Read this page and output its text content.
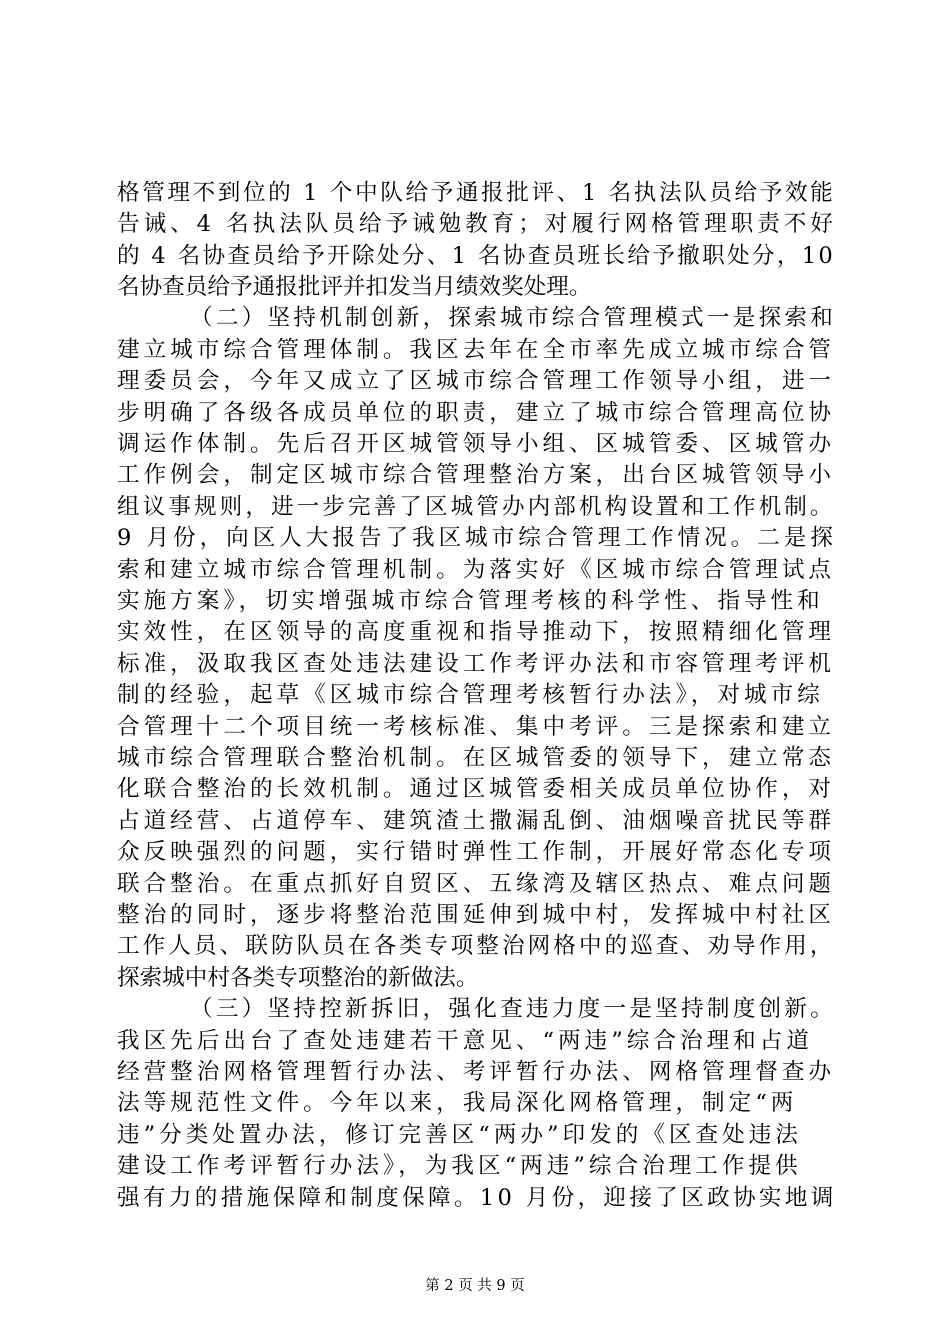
格管理不到位的 1 个中队给予通报批评、1 名执法队员给予效能
告诫、4 名执法队员给予诫勉教育；对履行网格管理职责不好
的 4 名协查员给予开除处分、1 名协查员班长给予撤职处分，10
名协查员给予通报批评并扣发当月绩效奖处理。
（二）坚持机制创新，探索城市综合管理模式一是探索和
建立城市综合管理体制。我区去年在全市率先成立城市综合管
理委员会，今年又成立了区城市综合管理工作领导小组，进一
步明确了各级各成员单位的职责，建立了城市综合管理高位协
调运作体制。先后召开区城管领导小组、区城管委、区城管办
工作例会，制定区城市综合管理整治方案，出台区城管领导小
组议事规则，进一步完善了区城管办内部机构设置和工作机制。
9 月份，向区人大报告了我区城市综合管理工作情况。二是探
索和建立城市综合管理机制。为落实好《区城市综合管理试点
实施方案》，切实增强城市综合管理考核的科学性、指导性和
实效性，在区领导的高度重视和指导推动下，按照精细化管理
标准，汲取我区查处违法建设工作考评办法和市容管理考评机
制的经验，起草《区城市综合管理考核暂行办法》，对城市综
合管理十二个项目统一考核标准、集中考评。三是探索和建立
城市综合管理联合整治机制。在区城管委的领导下，建立常态
化联合整治的长效机制。通过区城管委相关成员单位协作，对
占道经营、占道停车、建筑渣土撒漏乱倒、油烟噪音扰民等群
众反映强烈的问题，实行错时弹性工作制，开展好常态化专项
联合整治。在重点抓好自贸区、五缘湾及辖区热点、难点问题
整治的同时，逐步将整治范围延伸到城中村，发挥城中村社区
工作人员、联防队员在各类专项整治网格中的巡查、劝导作用，
探索城中村各类专项整治的新做法。
（三）坚持控新拆旧，强化查违力度一是坚持制度创新。
我区先后出台了查处违建若干意见、“两违”综合治理和占道
经营整治网格管理暂行办法、考评暂行办法、网格管理督查办
法等规范性文件。今年以来，我局深化网格管理，制定“两
违”分类处置办法，修订完善区“两办”印发的《区查处违法
建设工作考评暂行办法》，为我区“两违”综合治理工作提供
强有力的措施保障和制度保障。10 月份，迎接了区政协实地调
第 2 页 共 9 页
